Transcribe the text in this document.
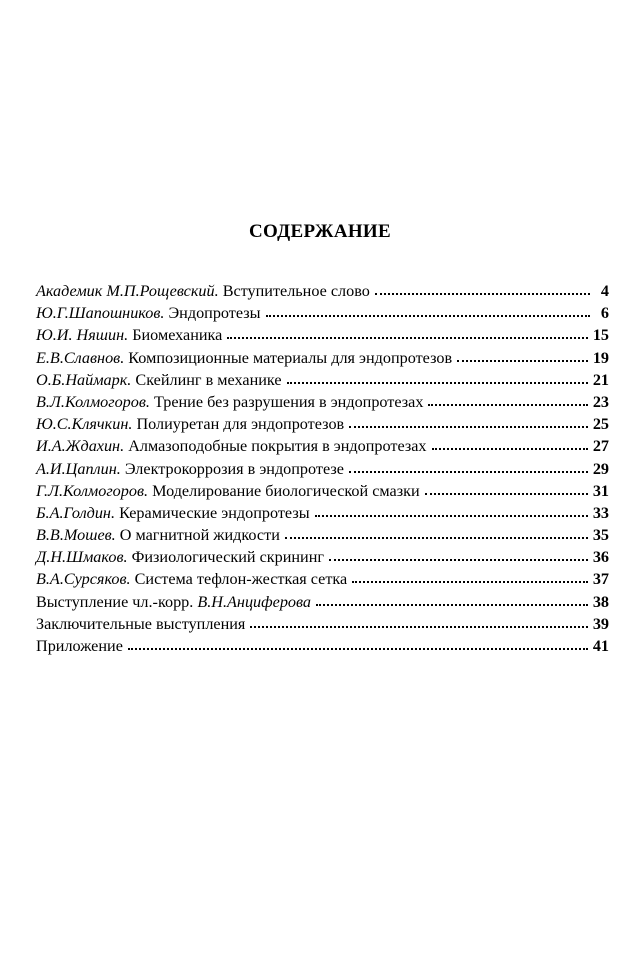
СОДЕРЖАНИЕ
Академик М.П.Рощевский. Вступительное слово	4
Ю.Г.Шапошников. Эндопротезы	6
Ю.И. Няшин. Биомеханика	15
Е.В.Славнов. Композиционные материалы для эндопротезов	19
О.Б.Наймарк. Скейлинг в механике	21
В.Л.Колмогоров. Трение без разрушения в эндопротезах	23
Ю.С.Клячкин. Полиуретан для эндопротезов	25
И.А.Ждахин. Алмазоподобные покрытия в эндопротезах	27
А.И.Цаплин. Электрокоррозия в эндопротезе	29
Г.Л.Колмогоров. Моделирование биологической смазки	31
Б.А.Голдин. Керамические эндопротезы	33
В.В.Мошев. О магнитной жидкости	35
Д.Н.Шмаков. Физиологический скрининг	36
В.А.Сурсяков. Система тефлон-жесткая сетка	37
Выступление чл.-корр. В.Н.Анциферова	38
Заключительные выступления	39
Приложение	41
